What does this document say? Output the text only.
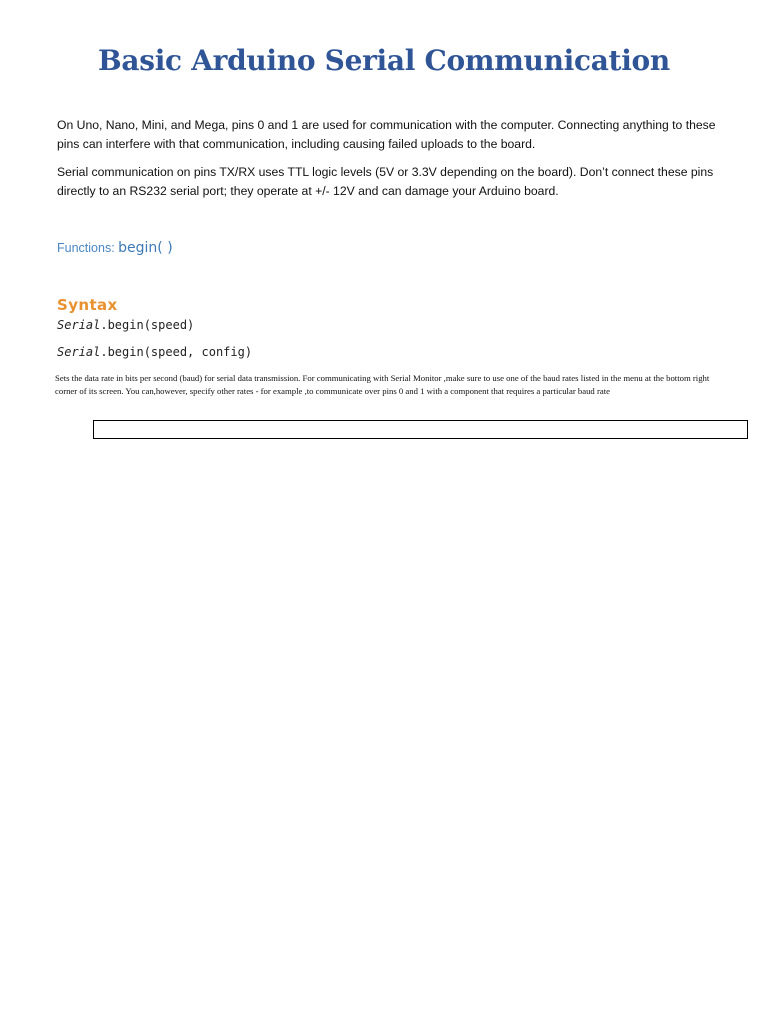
Basic Arduino Serial Communication
On Uno, Nano, Mini, and Mega, pins 0 and 1 are used for communication with the computer. Connecting anything to these pins can interfere with that communication, including causing failed uploads to the board.
Serial communication on pins TX/RX uses TTL logic levels (5V or 3.3V depending on the board). Don’t connect these pins directly to an RS232 serial port; they operate at +/- 12V and can damage your Arduino board.
Functions: begin( )
Syntax
Serial.begin(speed)
Serial.begin(speed, config)
Sets the data rate in bits per second (baud) for serial data transmission. For communicating with Serial Monitor ,make sure to use one of the baud rates listed in the menu at the bottom right corner of its screen. You can,however, specify other rates - for example ,to communicate over pins 0 and 1 with a component that requires a particular baud rate
